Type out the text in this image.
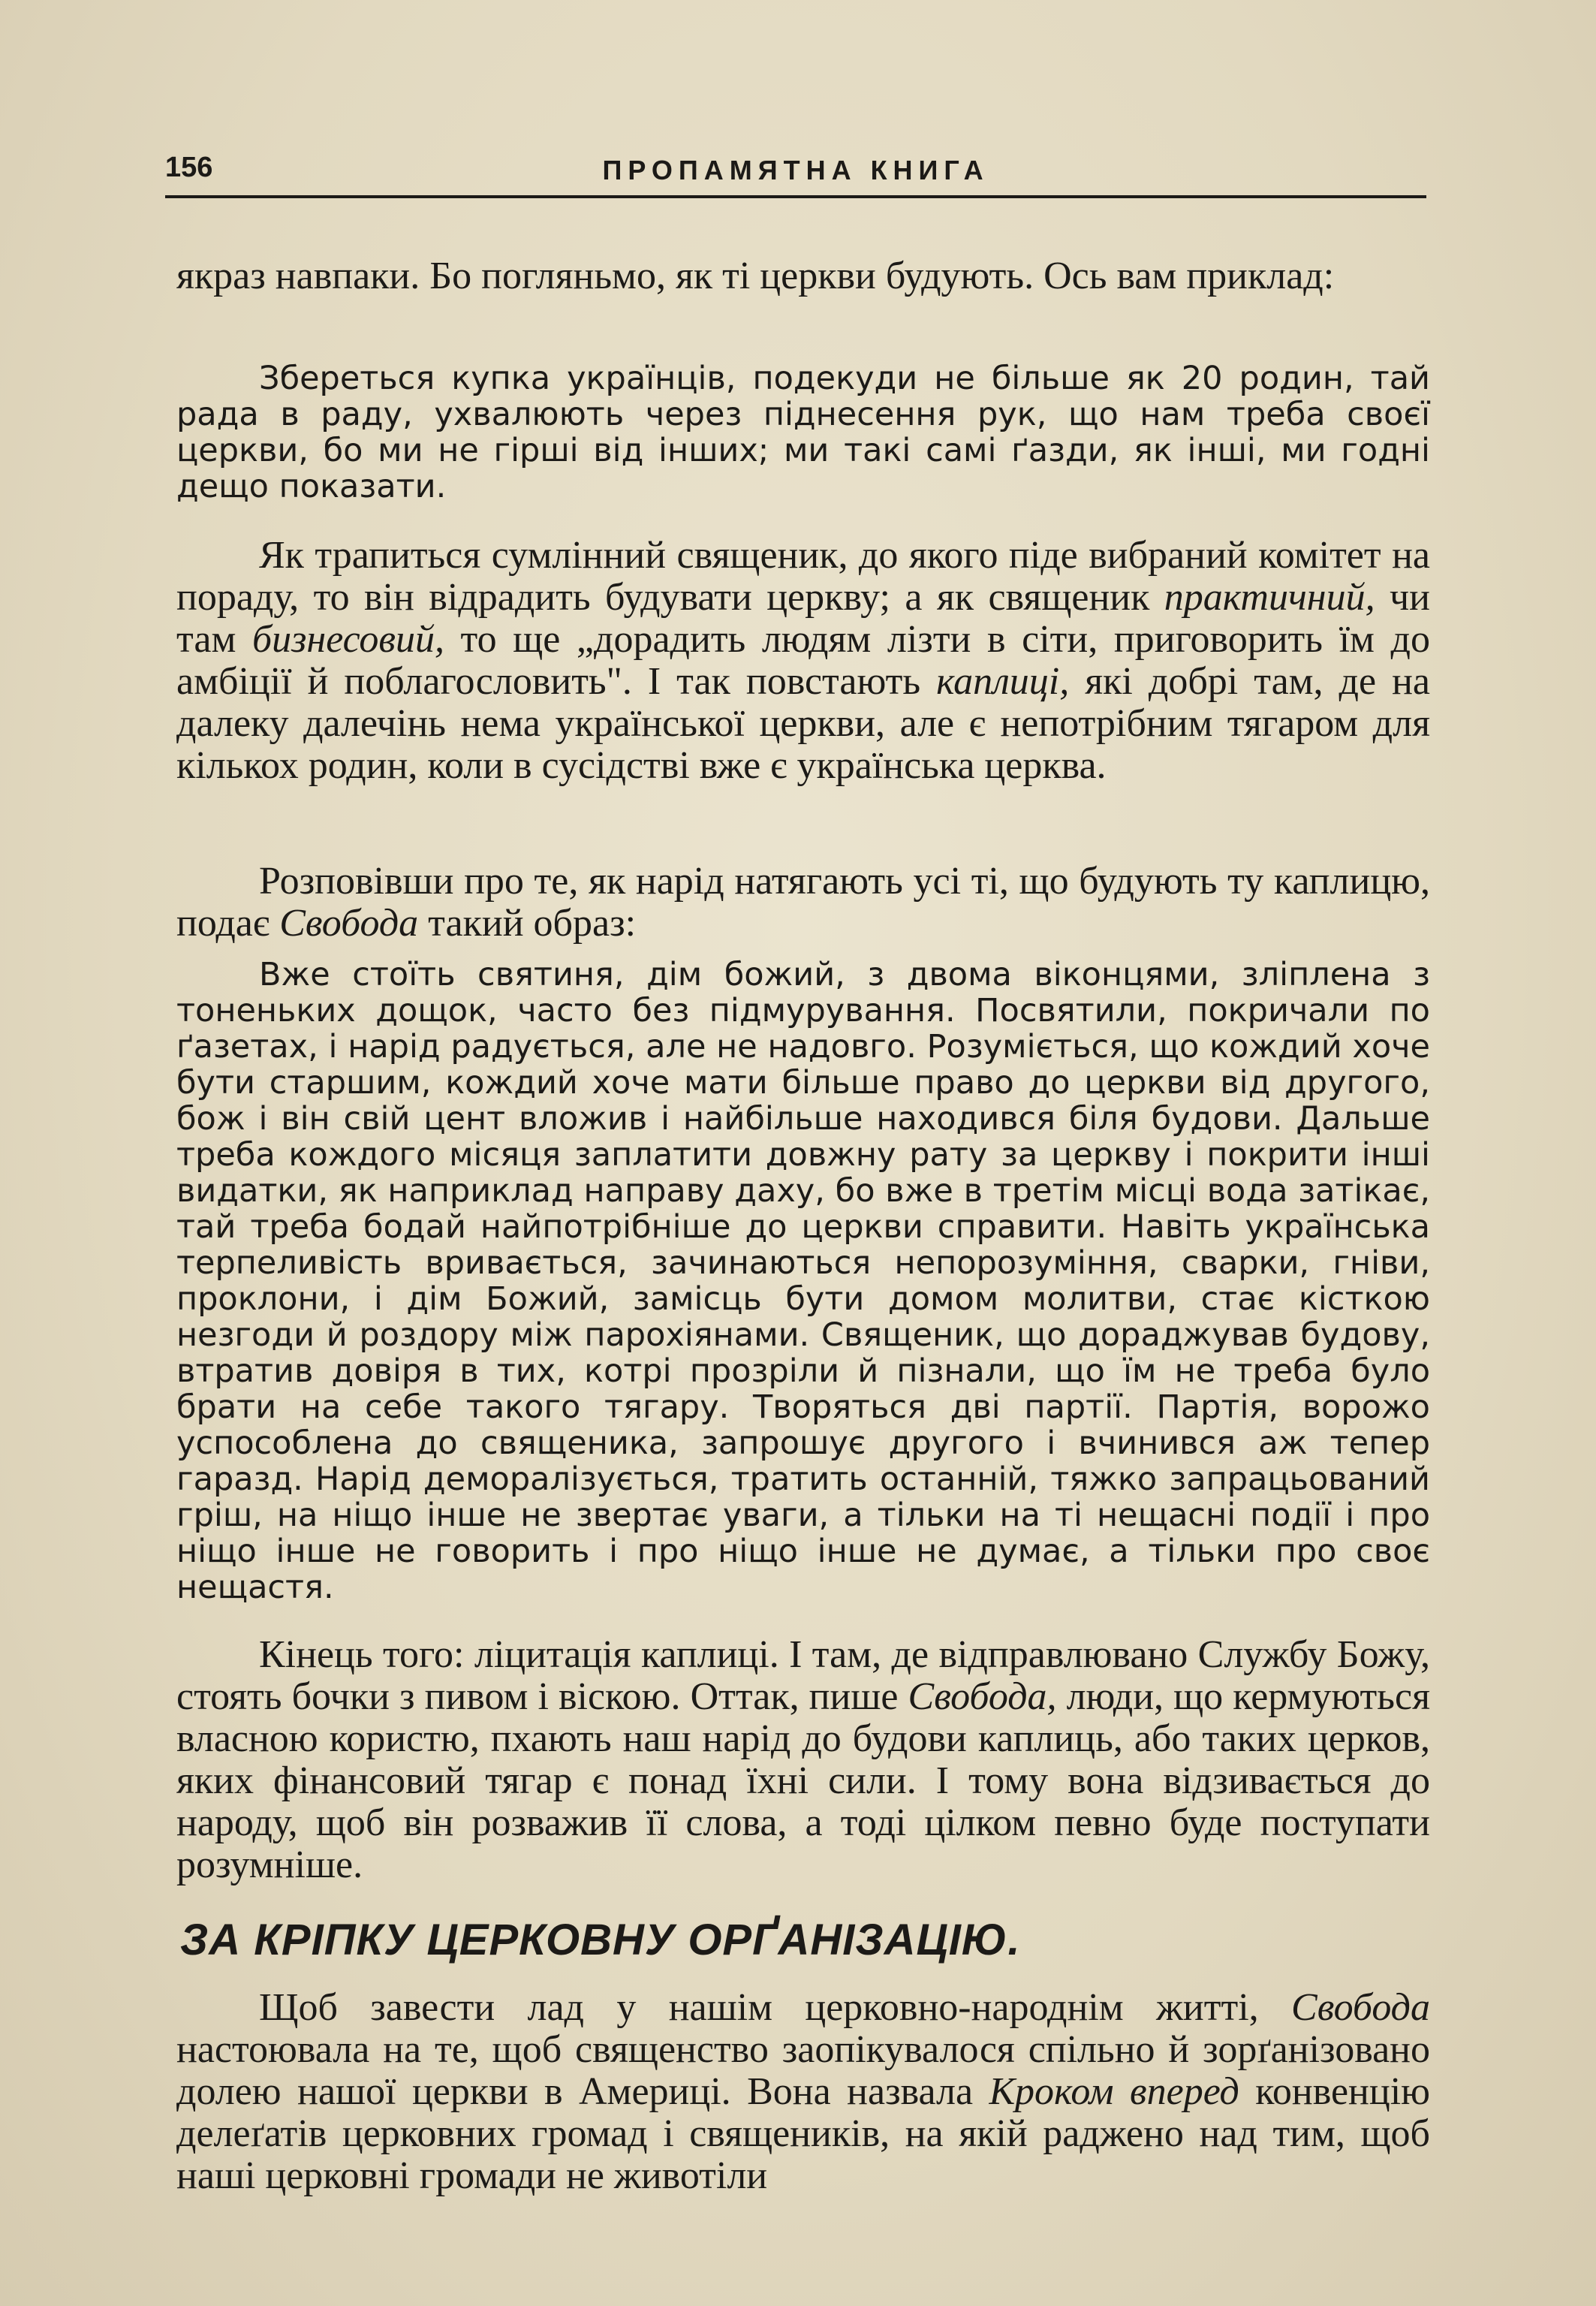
156	ПРОПАМЯТНА КНИГА

якраз навпаки. Бо погляньмо, як ті церкви будують. Ось вам приклад:

Збереться купка українців, подекуди не більше як 20 родин, тай рада в раду, ухвалюють через піднесення рук, що нам треба своєї церкви, бо ми не гірші від інших; ми такі самі ґазди, як інші, ми годні дещо показати.

Як трапиться сумлінний священик, до якого піде вибраний комітет на пораду, то він відрадить будувати церкву; а як священик практичний, чи там бизнесовий, то ще „дорадить людям лізти в сіти, приговорить їм до амбіції й поблагословить". І так повстають каплиці, які добрі там, де на далеку далечінь нема української церкви, але є непотрібним тягаром для кількох родин, коли в сусідстві вже є українська церква.

Розповівши про те, як нарід натягають усі ті, що будують ту каплицю, подає Свобода такий образ:

Вже стоїть святиня, дім божий, з двома віконцями, зліплена з тоненьких дощок, часто без підмурування. Посвятили, покричали по ґазетах, і нарід радується, але не надовго. Розуміється, що кождий хоче бути старшим, кождий хоче мати більше право до церкви від другого, бож і він свій цент вложив і найбільше находився біля будови. Дальше треба кождого місяця заплатити довжну рату за церкву і покрити інші видатки, як наприклад направу даху, бо вже в третім місці вода затікає, тай треба бодай найпотрібніше до церкви справити. Навіть українська терпеливість вривається, зачинаються непорозуміння, сварки, гніви, проклони, і дім Божий, замісць бути домом молитви, стає кісткою незгоди й роздору між парохіянами. Священик, що дораджував будову, втратив довіря в тих, котрі прозріли й пізнали, що їм не треба було брати на себе такого тягару. Творяться дві партії. Партія, ворожо успособлена до священика, запрошує другого і вчинився аж тепер гаразд. Нарід деморалізується, тратить останній, тяжко запрацьований гріш, на ніщо інше не звертає уваги, а тільки на ті нещасні події і про ніщо інше не говорить і про ніщо інше не думає, а тільки про своє нещастя.

Кінець того: ліцитація каплиці. І там, де відправлювано Службу Божу, стоять бочки з пивом і віскою. Оттак, пише Свобода, люди, що кермуються власною користю, пхають наш нарід до будови каплиць, або таких церков, яких фінансовий тягар є понад їхні сили. І тому вона відзивається до народу, щоб він розважив її слова, а тоді цілком певно буде поступати розумніше.

ЗА КРІПКУ ЦЕРКОВНУ ОРҐАНІЗАЦІЮ.

Щоб завести лад у нашім церковно-народнім житті, Свобода настоювала на те, щоб священство заопікувалося спільно й зорґанізовано долею нашої церкви в Америці. Вона назвала Кроком вперед конвенцію делеґатів церковних громад і священиків, на якій раджено над тим, щоб наші церковні громади не животіли
